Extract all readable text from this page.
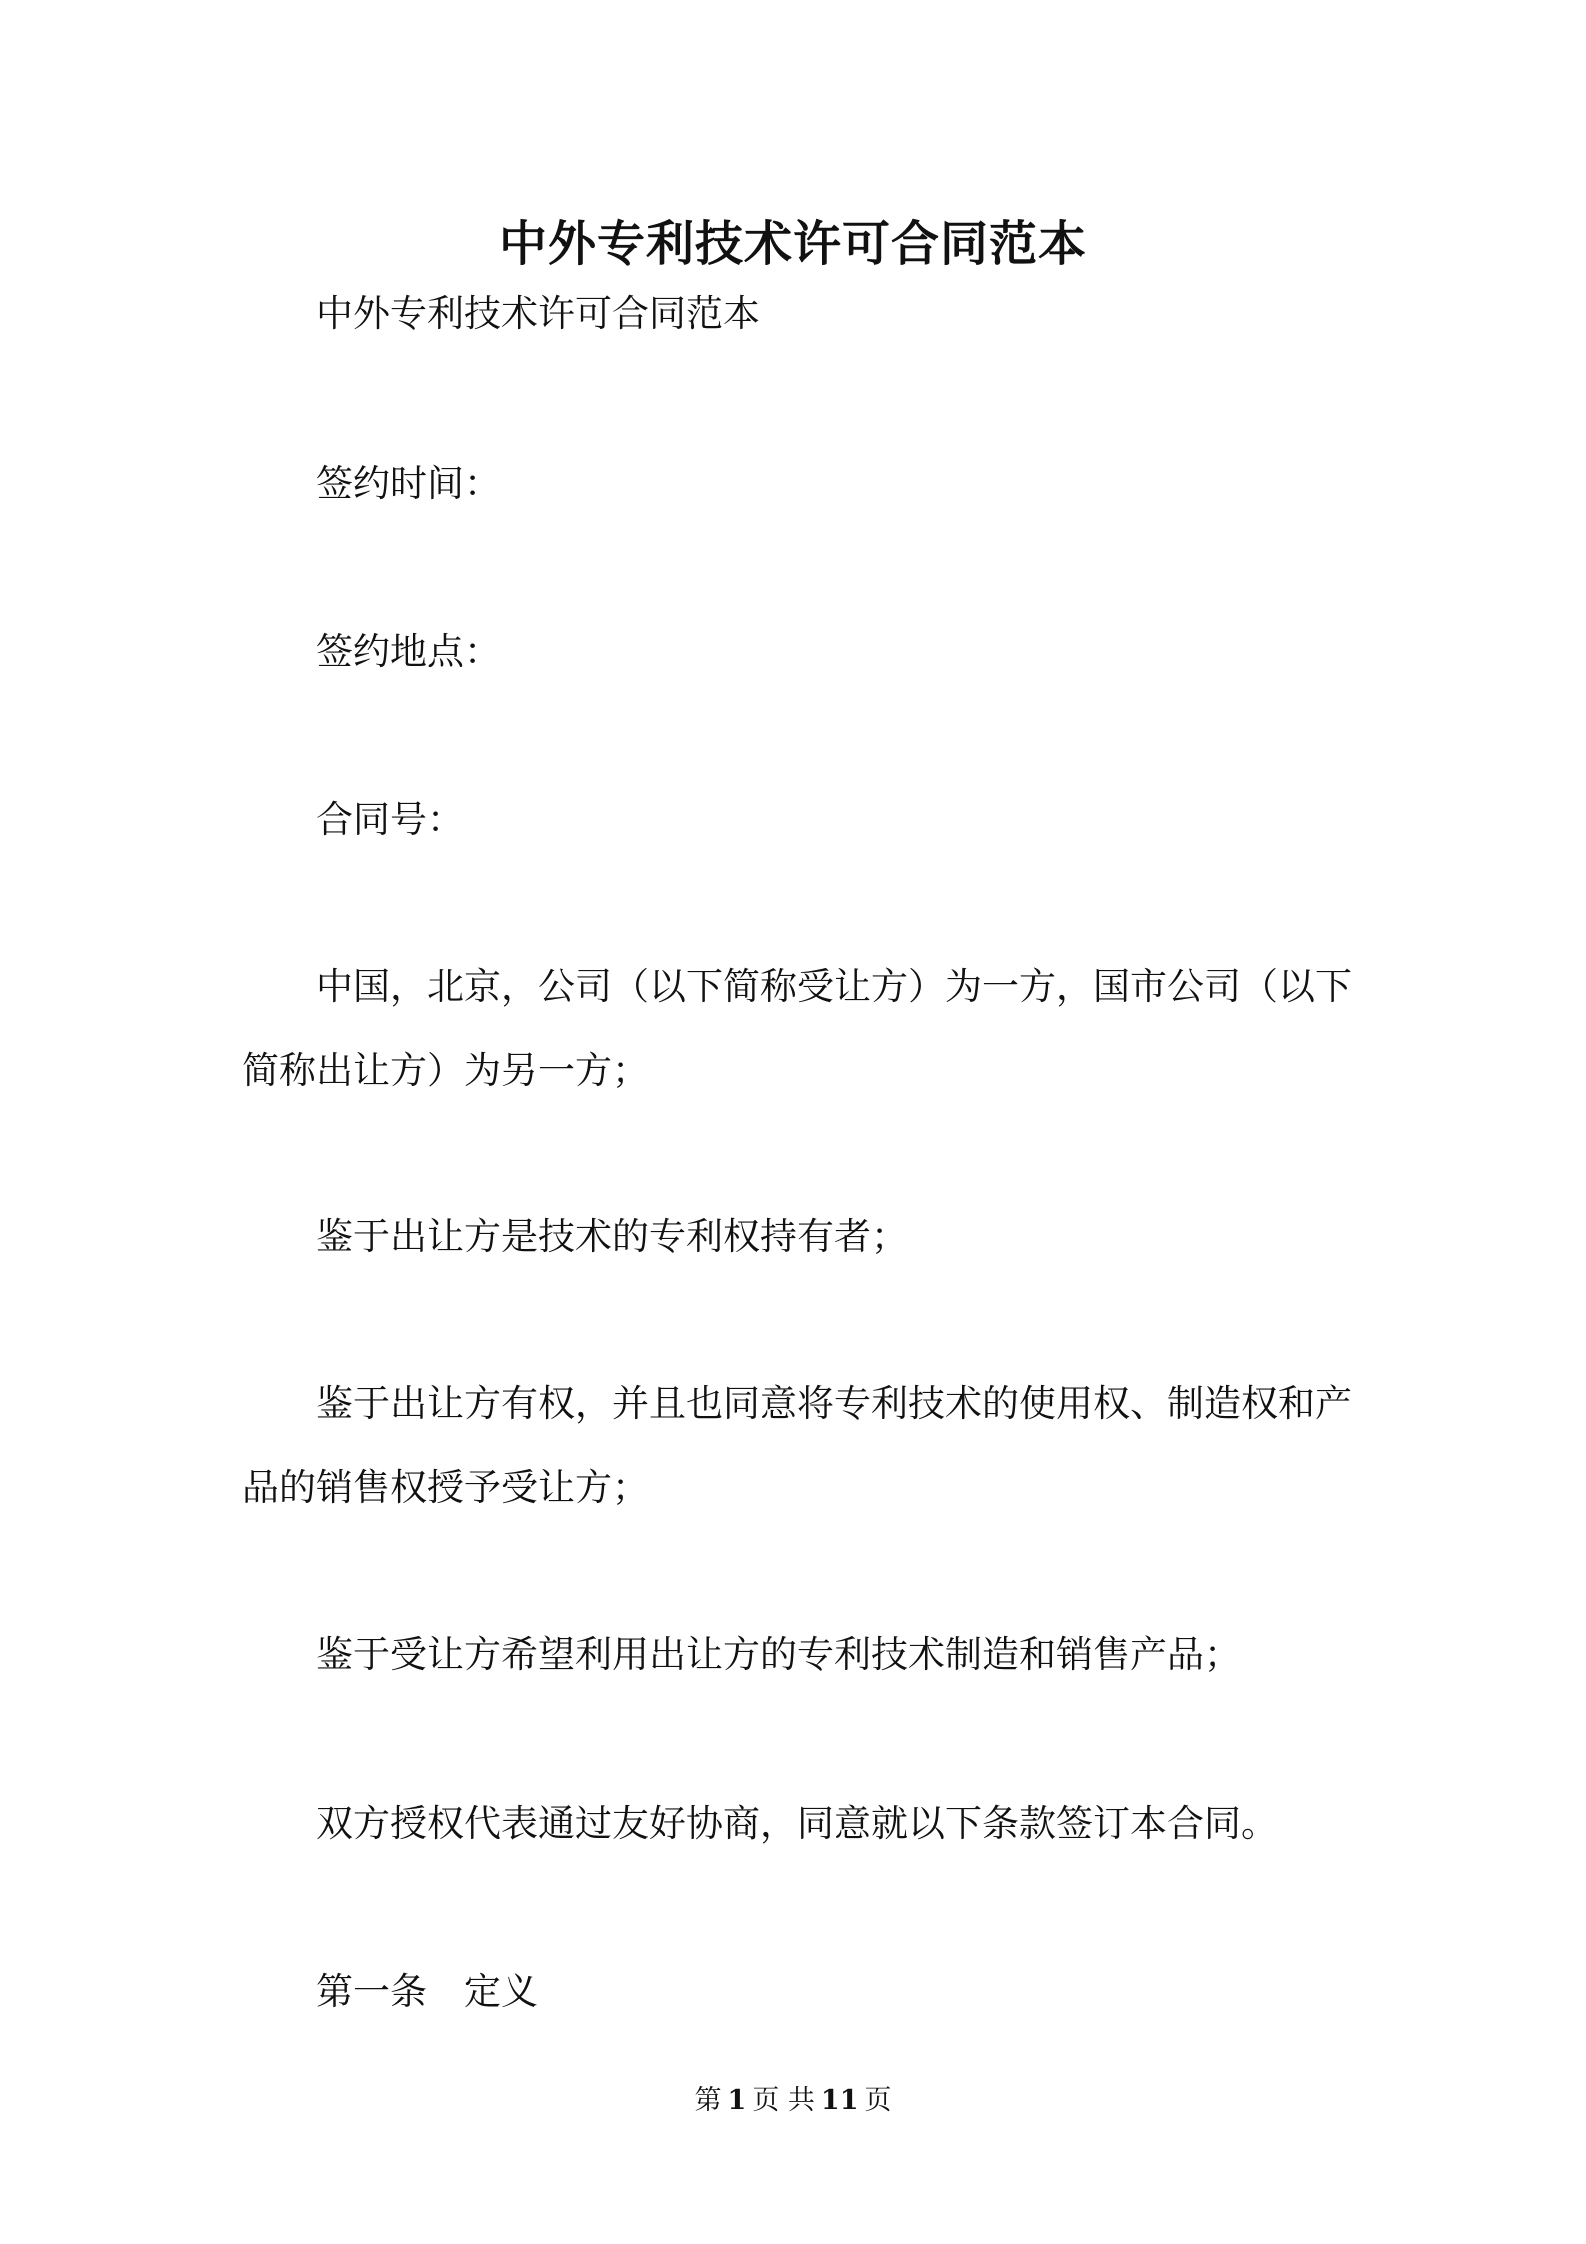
中外专利技术许可合同范本

中外专利技术许可合同范本

签约时间：

签约地点：

合同号：

中国，北京，公司（以下简称受让方）为一方，国市公司（以下简称出让方）为另一方；

鉴于出让方是技术的专利权持有者；

鉴于出让方有权，并且也同意将专利技术的使用权、制造权和产品的销售权授予受让方；

鉴于受让方希望利用出让方的专利技术制造和销售产品；

双方授权代表通过友好协商，同意就以下条款签订本合同。

第一条　定义

第 1 页 共 11 页
